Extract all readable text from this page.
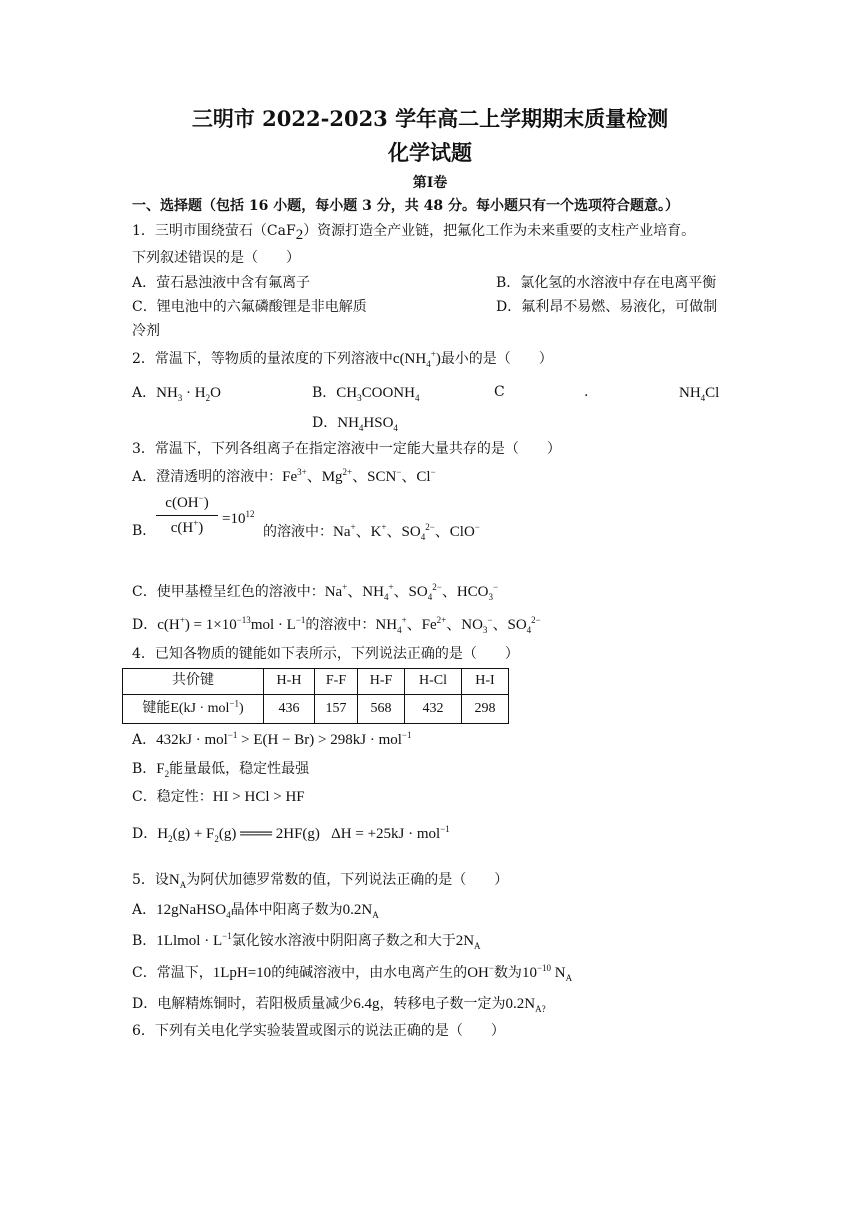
三明市 2022-2023 学年高二上学期期末质量检测
化学试题
第Ⅰ卷
一、选择题（包括 16 小题，每小题 3 分，共 48 分。每小题只有一个选项符合题意。）
1．三明市围绕萤石（CaF$_2$）资源打造全产业链，把氟化工作为未来重要的支柱产业培育。
下列叙述错误的是（　　）
A．萤石悬浊液中含有氟离子	B．氯化氢的水溶液中存在电离平衡
C．锂电池中的六氟磷酸锂是非电解质	D．氟利昂不易燃、易液化，可做制
冷剂
2．常温下，等物质的量浓度的下列溶液中$c(NH_4^+)$最小的是（　　）
A．$NH_3 \cdot H_2O$	B．$CH_3COONH_4$	C	.	$NH_4Cl$
D．$NH_4HSO_4$
3．常温下，下列各组离子在指定溶液中一定能大量共存的是（　　）
A．澄清透明的溶液中：$Fe^{3+}$、$Mg^{2+}$、SCN−、Cl−
B．
c(OH−)
c(H+)
$=10^{12}$
的溶液中：Na+、K+、$SO_4^{2-}$、ClO−
C．使甲基橙呈红色的溶液中：Na+、$NH_4^+$、$SO_4^{2-}$、$HCO_3^-$
D．$c(H^+) = 1\times 10^{-13}mol \cdot L^{-1}$的溶液中：$NH_4^+$、$Fe^{2+}$、$NO_3^-$、$SO_4^{2-}$
4．已知各物质的键能如下表所示，下列说法正确的是（　　）
共价键	H-H	F-F	H-F	H-Cl	H-I
键能E(kJ · mol$^{-1}$)	436	157	568	432	298
A．432kJ · mol$^{-1}$ > E(H − Br) > 298kJ · mol$^{-1}$
B．$F_2$能量最低，稳定性最强
C．稳定性：HI > HCl > HF
D．$H_2(g) + F_2(g)$ ═══ 2HF(g)   ΔH = +25kJ · mol$^{-1}$
5．设$N_A$为阿伏加德罗常数的值，下列说法正确的是（　　）
A．12gNaHSO$_4$晶体中阳离子数为$0.2N_A$
B．1Llmol · $L^{-1}$氯化铵水溶液中阴阳离子数之和大于$2N_A$
C．常温下，1LpH=10的纯碱溶液中，由水电离产生的OH−数为$10^{-10}$ $N_A$
D．电解精炼铜时，若阳极质量减少6.4g，转移电子数一定为$0.2N_{A?}$
6．下列有关电化学实验装置或图示的说法正确的是（　　）
